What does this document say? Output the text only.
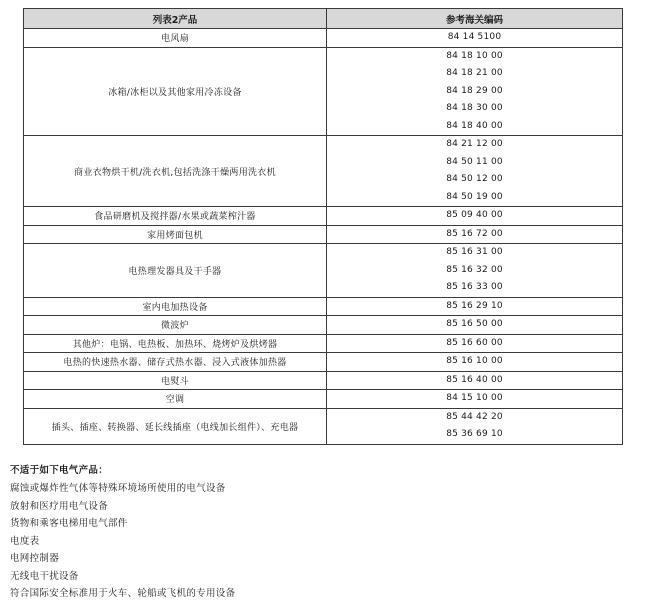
列表2产品	参考海关编码
电风扇	84 14 5100

冰箱/冰柜以及其他家用冷冻设备	84 18 10 00
84 18 21 00
84 18 29 00
84 18 30 00
84 18 40 00

商业衣物烘干机/洗衣机,包括洗涤干燥两用洗衣机	84 21 12 00
84 50 11 00
84 50 12 00
84 50 19 00

食品研磨机及搅拌器/水果或蔬菜榨汁器	85 09 40 00

家用烤面包机	85 16 72 00

电热理发器具及干手器	85 16 31 00
85 16 32 00
85 16 33 00

室内电加热设备	85 16 29 10

微波炉	85 16 50 00

其他炉：电锅、电热板、加热环、烧烤炉及烘烤器	85 16 60 00

电热的快速热水器、储存式热水器、浸入式液体加热器	85 16 10 00

电熨斗	85 16 40 00

空调	84 15 10 00

插头、插座、转换器、延长线插座（电线加长组件）、充电器	85 44 42 20
85 36 69 10
不适于如下电气产品：
腐蚀或爆炸性气体等特殊环境场所使用的电气设备
放射和医疗用电气设备
货物和乘客电梯用电气部件
电度表
电网控制器
无线电干扰设备
符合国际安全标准用于火车、轮船或飞机的专用设备
